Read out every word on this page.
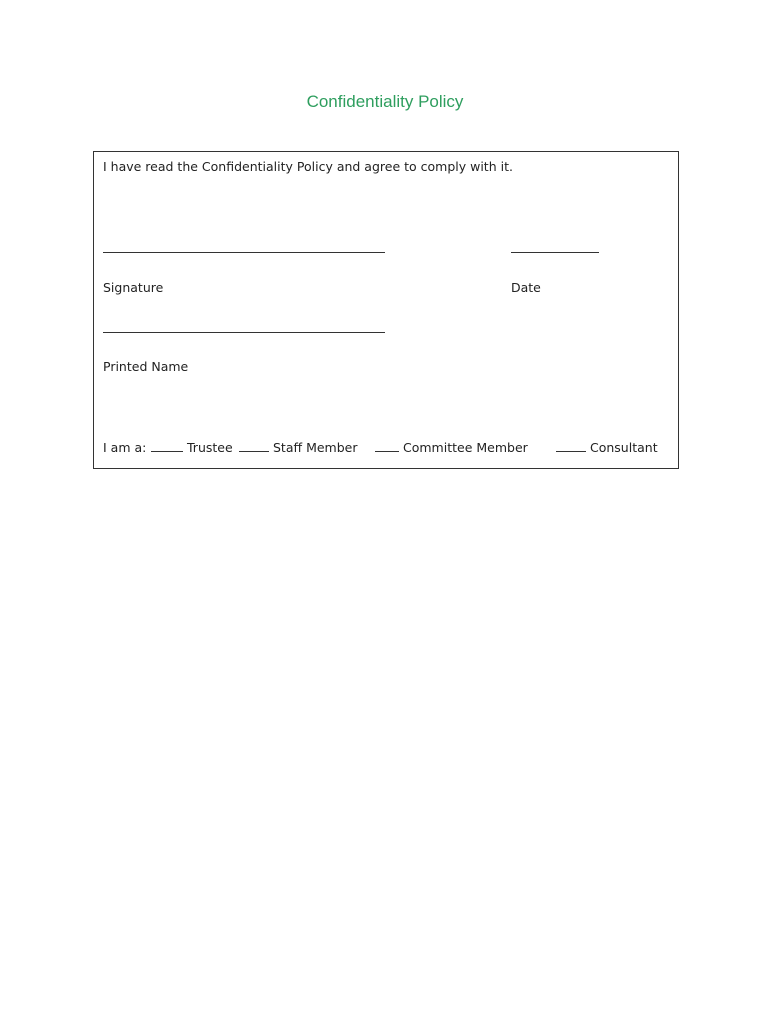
Confidentiality Policy
I have read the Confidentiality Policy and agree to comply with it.
Signature	Date
Printed Name
I am a:	Trustee	Staff Member	Committee Member	Consultant
